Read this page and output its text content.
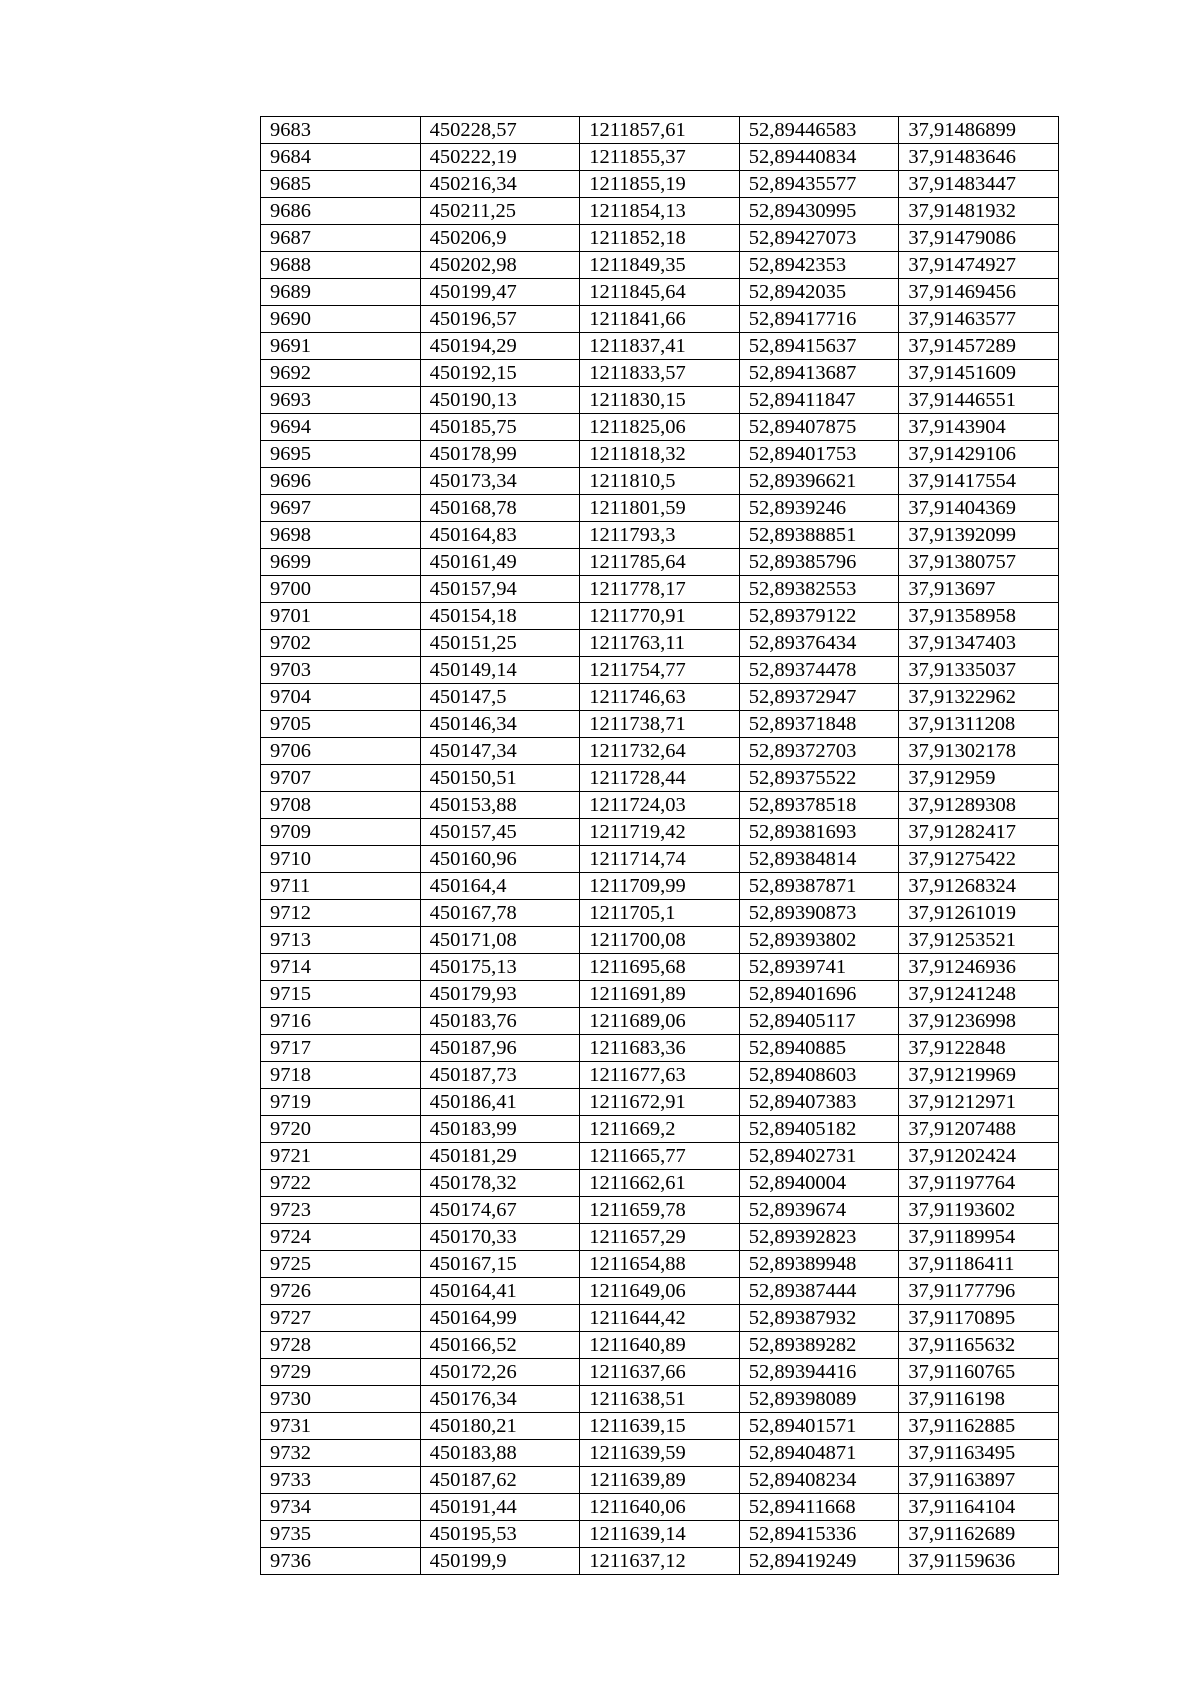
9683	450228,57	1211857,61	52,89446583	37,91486899
9684	450222,19	1211855,37	52,89440834	37,91483646
9685	450216,34	1211855,19	52,89435577	37,91483447
9686	450211,25	1211854,13	52,89430995	37,91481932
9687	450206,9	1211852,18	52,89427073	37,91479086
9688	450202,98	1211849,35	52,8942353	37,91474927
9689	450199,47	1211845,64	52,8942035	37,91469456
9690	450196,57	1211841,66	52,89417716	37,91463577
9691	450194,29	1211837,41	52,89415637	37,91457289
9692	450192,15	1211833,57	52,89413687	37,91451609
9693	450190,13	1211830,15	52,89411847	37,91446551
9694	450185,75	1211825,06	52,89407875	37,9143904
9695	450178,99	1211818,32	52,89401753	37,91429106
9696	450173,34	1211810,5	52,89396621	37,91417554
9697	450168,78	1211801,59	52,8939246	37,91404369
9698	450164,83	1211793,3	52,89388851	37,91392099
9699	450161,49	1211785,64	52,89385796	37,91380757
9700	450157,94	1211778,17	52,89382553	37,913697
9701	450154,18	1211770,91	52,89379122	37,91358958
9702	450151,25	1211763,11	52,89376434	37,91347403
9703	450149,14	1211754,77	52,89374478	37,91335037
9704	450147,5	1211746,63	52,89372947	37,91322962
9705	450146,34	1211738,71	52,89371848	37,91311208
9706	450147,34	1211732,64	52,89372703	37,91302178
9707	450150,51	1211728,44	52,89375522	37,912959
9708	450153,88	1211724,03	52,89378518	37,91289308
9709	450157,45	1211719,42	52,89381693	37,91282417
9710	450160,96	1211714,74	52,89384814	37,91275422
9711	450164,4	1211709,99	52,89387871	37,91268324
9712	450167,78	1211705,1	52,89390873	37,91261019
9713	450171,08	1211700,08	52,89393802	37,91253521
9714	450175,13	1211695,68	52,8939741	37,91246936
9715	450179,93	1211691,89	52,89401696	37,91241248
9716	450183,76	1211689,06	52,89405117	37,91236998
9717	450187,96	1211683,36	52,8940885	37,9122848
9718	450187,73	1211677,63	52,89408603	37,91219969
9719	450186,41	1211672,91	52,89407383	37,91212971
9720	450183,99	1211669,2	52,89405182	37,91207488
9721	450181,29	1211665,77	52,89402731	37,91202424
9722	450178,32	1211662,61	52,8940004	37,91197764
9723	450174,67	1211659,78	52,8939674	37,91193602
9724	450170,33	1211657,29	52,89392823	37,91189954
9725	450167,15	1211654,88	52,89389948	37,91186411
9726	450164,41	1211649,06	52,89387444	37,91177796
9727	450164,99	1211644,42	52,89387932	37,91170895
9728	450166,52	1211640,89	52,89389282	37,91165632
9729	450172,26	1211637,66	52,89394416	37,91160765
9730	450176,34	1211638,51	52,89398089	37,9116198
9731	450180,21	1211639,15	52,89401571	37,91162885
9732	450183,88	1211639,59	52,89404871	37,91163495
9733	450187,62	1211639,89	52,89408234	37,91163897
9734	450191,44	1211640,06	52,89411668	37,91164104
9735	450195,53	1211639,14	52,89415336	37,91162689
9736	450199,9	1211637,12	52,89419249	37,91159636
